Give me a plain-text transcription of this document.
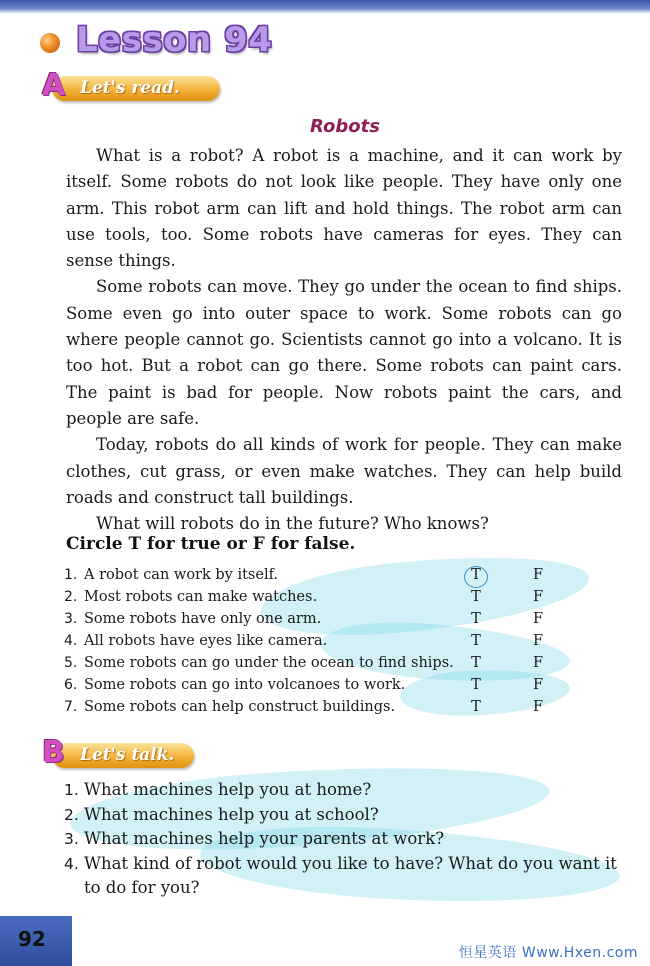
Lesson 94
Let's read.
A
Robots

What is a robot? A robot is a machine, and it can work by itself. Some robots do not look like people. They have only one arm. This robot arm can lift and hold things. The robot arm can use tools, too. Some robots have cameras for eyes. They can sense things.

Some robots can move. They go under the ocean to find ships. Some even go into outer space to work. Some robots can go where people cannot go. Scientists cannot go into a volcano. It is too hot. But a robot can go there. Some robots can paint cars. The paint is bad for people. Now robots paint the cars, and people are safe.

Today, robots do all kinds of work for people. They can make clothes, cut grass, or even make watches. They can help build roads and construct tall buildings.

What will robots do in the future? Who knows?

Circle T for true or F for false.
1. A robot can work by itself.	T	F
2. Most robots can make watches.	T	F
3. Some robots have only one arm.	T	F
4. All robots have eyes like camera.	T	F
5. Some robots can go under the ocean to find ships. T	F
6. Some robots can go into volcanoes to work.	T	F
7. Some robots can help construct buildings.	T	F
Let's talk.
B
1. What machines help you at home?
2. What machines help you at school?
3. What machines help your parents at work?
4. What kind of robot would you like to have? What do you want it to do for you?
92
恒星英语 Www.Hxen.com
